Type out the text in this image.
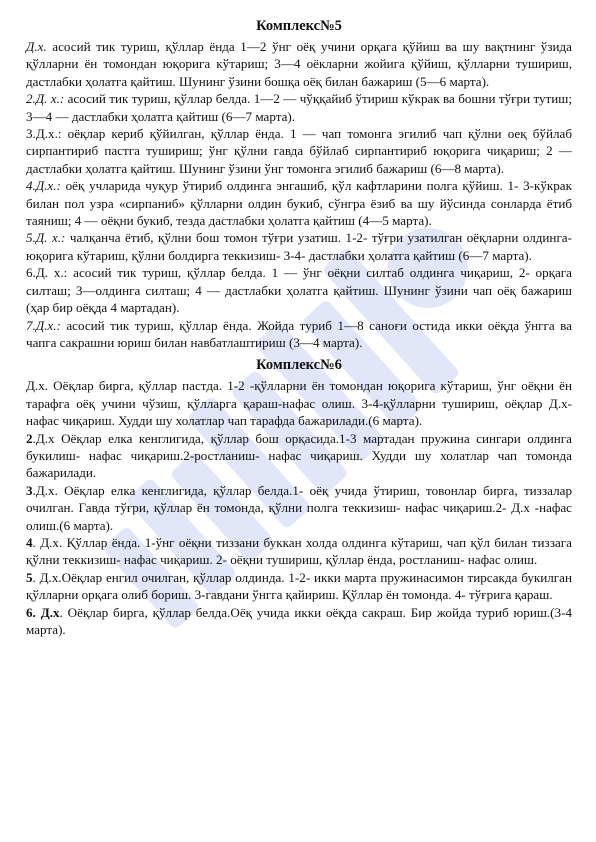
Комплекс№5

Д.х. асосий тик туриш, қўллар ёнда 1—2 ўнг оёқ учини орқага қўйиш ва шу вақтнинг ўзида қўлларни ён томондан юқорига кўтариш; 3—4 оёкларни жойига қўйиш, қўлларни тушириш, дастлабки ҳолатга қайтиш. Шунинг ўзини бошқа оёқ билан бажариш (5—6 марта).

2.Д. х.: асосий тик туриш, қўллар белда. 1—2 — чўққайиб ўтириш кўкрак ва бошни тўғри тутиш; 3—4 — дастлабки ҳолатга қайтиш (6—7 марта).

3.Д.х.: оёқлар кериб қўйилган, қўллар ёнда. 1 — чап томонга эгилиб чап қўлни оеқ бўйлаб сирпантириб пастга тушириш; ўнг қўлни гавда бўйлаб сирпантириб юқорига чиқариш; 2 — дастлабки ҳолатга қайтиш. Шунинг ўзини ўнг томонга эгилиб бажариш (6—8 марта).

4.Д.х.: оёқ учларида чуқур ўтириб олдинга энгашиб, қўл кафтларини полга қўйиш. 1- 3-кўкрак билан пол узра «сирпаниб» қўлларни олдин букиб, сўнгра ёзиб ва шу йўсинда сонларда ётиб таяниш; 4 — оёқни букиб, тезда дастлабки ҳолатга қайтиш (4—5 марта).

5.Д. х.: чалқанча ётиб, қўлни бош томон тўғри узатиш. 1-2- тўғри узатилган оёқларни олдинга-юқорига кўтариш, қўлни болдирга теккизиш- 3-4- дастлабки ҳолатга қайтиш (6—7 марта).

6.Д. х.: асосий тик туриш, қўллар белда. 1 — ўнг оёқни силтаб олдинга чиқариш, 2- орқага силташ; 3—олдинга силташ; 4 — дастлабки ҳолатга қайтиш. Шунинг ўзини чап оёқ бажариш (ҳар бир оёқда 4 мартадан).

7.Д.х.: асосий тик туриш, қўллар ёнда. Жойда туриб 1—8 саноғи остида икки оёқда ўнгга ва чапга сакрашни юриш билан навбатлаштириш (3—4 марта).

Комплекс№6

Д.х. Оёқлар бирга, қўллар пастда. 1-2 -қўлларни ён томондан юқорига кўтариш, ўнг оёқни ён тарафга оёқ учини чўзиш, қўлларга қараш-нафас олиш. 3-4-қўлларни тушириш, оёқлар Д.х-нафас чиқариш. Худди шу холатлар чап тарафда бажарилади.(6 марта).

2.Д.х Оёқлар елка кенглигида, қўллар бош орқасида.1-3 мартадан пружина сингари олдинга букилиш- нафас чиқариш.2-ростланиш- нафас чиқариш. Худди шу холатлар чап томонда бажарилади.

3.Д.х. Оёқлар елка кенглигида, қўллар белда.1- оёқ учида ўтириш, товонлар бирга, тиззалар очилган. Гавда тўғри, қўллар ён томонда, қўлни полга теккизиш- нафас чиқариш.2- Д.х -нафас олиш.(6 марта).

4. Д.х. Қўллар ёнда. 1-ўнг оёқни тиззани буккан холда олдинга кўтариш, чап қўл билан тиззага қўлни теккизиш- нафас чиқариш. 2- оёқни тушириш, қўллар ёнда, ростланиш- нафас олиш.

5. Д.х.Оёқлар енгил очилган, қўллар олдинда. 1-2- икки марта пружинасимон тирсакда букилган қўлларни орқага олиб бориш. 3-гавдани ўнгга қайириш. Қўллар ён томонда. 4- тўғрига қараш.

6. Д.х. Оёқлар бирга, қўллар белда.Оёқ учида икки оёқда сакраш. Бир жойда туриб юриш.(3-4 марта).
